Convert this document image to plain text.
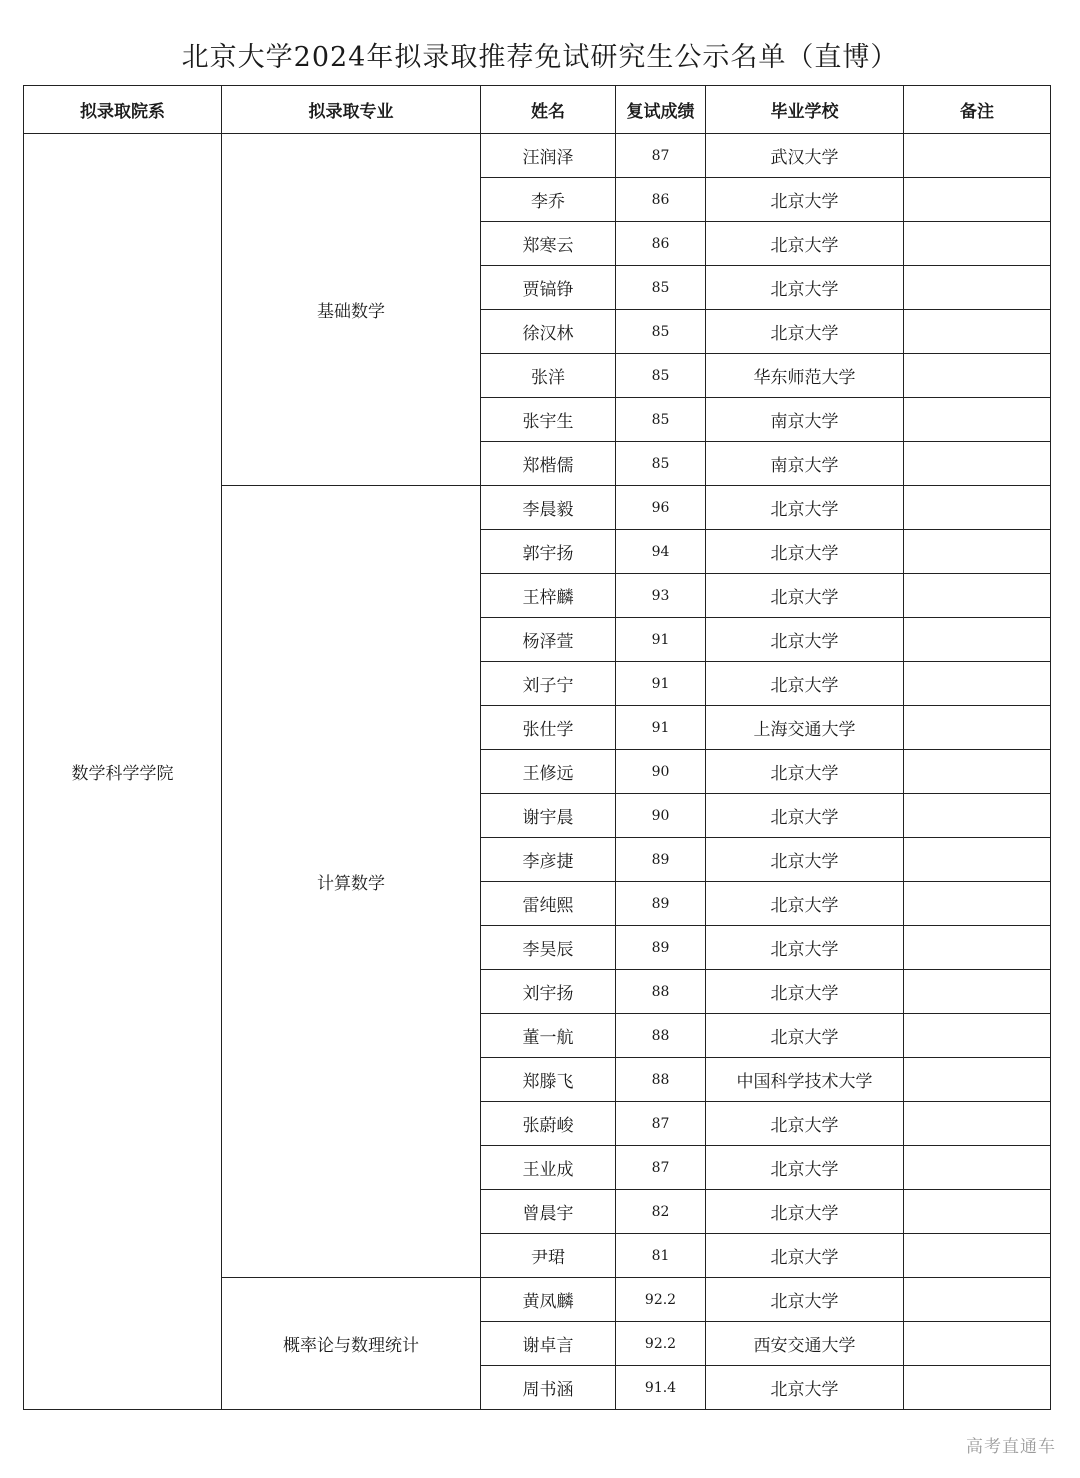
北京大学2024年拟录取推荐免试研究生公示名单（直博）
拟录取院系	拟录取专业	姓名	复试成绩	毕业学校	备注
数学科学学院	基础数学	汪润泽	87	武汉大学	
		李乔	86	北京大学	
		郑寒云	86	北京大学	
		贾镐铮	85	北京大学	
		徐汉林	85	北京大学	
		张洋	85	华东师范大学	
		张宇生	85	南京大学	
		郑楷儒	85	南京大学	
	计算数学	李晨毅	96	北京大学	
		郭宇扬	94	北京大学	
		王梓麟	93	北京大学	
		杨泽萱	91	北京大学	
		刘子宁	91	北京大学	
		张仕学	91	上海交通大学	
		王修远	90	北京大学	
		谢宇晨	90	北京大学	
		李彦捷	89	北京大学	
		雷纯熙	89	北京大学	
		李昊辰	89	北京大学	
		刘宇扬	88	北京大学	
		董一航	88	北京大学	
		郑滕飞	88	中国科学技术大学	
		张蔚峻	87	北京大学	
		王业成	87	北京大学	
		曾晨宇	82	北京大学	
		尹珺	81	北京大学	
	概率论与数理统计	黄凤麟	92.2	北京大学	
		谢卓言	92.2	西安交通大学	
		周书涵	91.4	北京大学	
高考直通车
